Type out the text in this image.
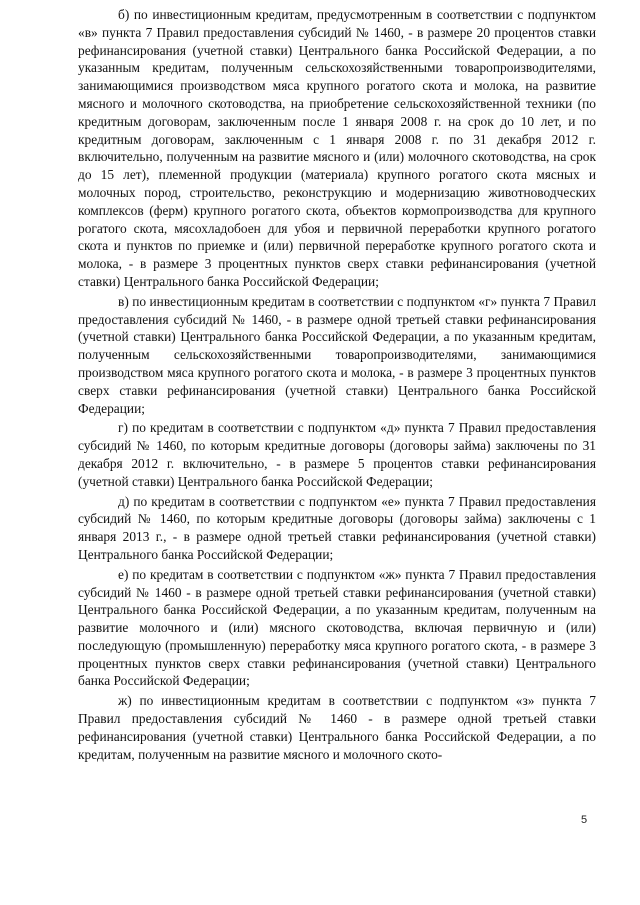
б) по инвестиционным кредитам, предусмотренным в соответствии с подпунктом «в» пункта 7 Правил предоставления субсидий № 1460, - в размере 20 процентов ставки рефинансирования (учетной ставки) Центрального банка Российской Федерации, а по указанным кредитам, полученным сельскохозяйственными товаропроизводителями, занимающимися производством мяса крупного рогатого скота и молока, на развитие мясного и молочного скотоводства, на приобретение сельскохозяйственной техники (по кредитным договорам, заключенным после 1 января 2008 г. на срок до 10 лет, и по кредитным договорам, заключенным с 1 января 2008 г. по 31 декабря 2012 г. включительно, полученным на развитие мясного и (или) молочного скотоводства, на срок до 15 лет), племенной продукции (материала) крупного рогатого скота мясных и молочных пород, строительство, реконструкцию и модернизацию животноводческих комплексов (ферм) крупного рогатого скота, объектов кормопроизводства для крупного рогатого скота, мясохладобоен для убоя и первичной переработки крупного рогатого скота и пунктов по приемке и (или) первичной переработке крупного рогатого скота и молока, - в размере 3 процентных пунктов сверх ставки рефинансирования (учетной ставки) Центрального банка Российской Федерации;

в) по инвестиционным кредитам в соответствии с подпунктом «г» пункта 7 Правил предоставления субсидий № 1460, - в размере одной третьей ставки рефинансирования (учетной ставки) Центрального банка Российской Федерации, а по указанным кредитам, полученным сельскохозяйственными товаропроизводителями, занимающимися производством мяса крупного рогатого скота и молока, - в размере 3 процентных пунктов сверх ставки рефинансирования (учетной ставки) Центрального банка Российской Федерации;

г) по кредитам в соответствии с подпунктом «д» пункта 7 Правил предоставления субсидий № 1460, по которым кредитные договоры (договоры займа) заключены по 31 декабря 2012 г. включительно, - в размере 5 процентов ставки рефинансирования (учетной ставки) Центрального банка Российской Федерации;

д) по кредитам в соответствии с подпунктом «е» пункта 7 Правил предоставления субсидий № 1460, по которым кредитные договоры (договоры займа) заключены с 1 января 2013 г., - в размере одной третьей ставки рефинансирования (учетной ставки) Центрального банка Российской Федерации;

е) по кредитам в соответствии с подпунктом «ж» пункта 7 Правил предоставления субсидий № 1460 - в размере одной третьей ставки рефинансирования (учетной ставки) Центрального банка Российской Федерации, а по указанным кредитам, полученным на развитие молочного и (или) мясного скотоводства, включая первичную и (или) последующую (промышленную) переработку мяса крупного рогатого скота, - в размере 3 процентных пунктов сверх ставки рефинансирования (учетной ставки) Центрального банка Российской Федерации;

ж) по инвестиционным кредитам в соответствии с подпунктом «з» пункта 7 Правил предоставления субсидий № 1460 - в размере одной третьей ставки рефинансирования (учетной ставки) Центрального банка Российской Федерации, а по кредитам, полученным на развитие мясного и молочного ското-

5
